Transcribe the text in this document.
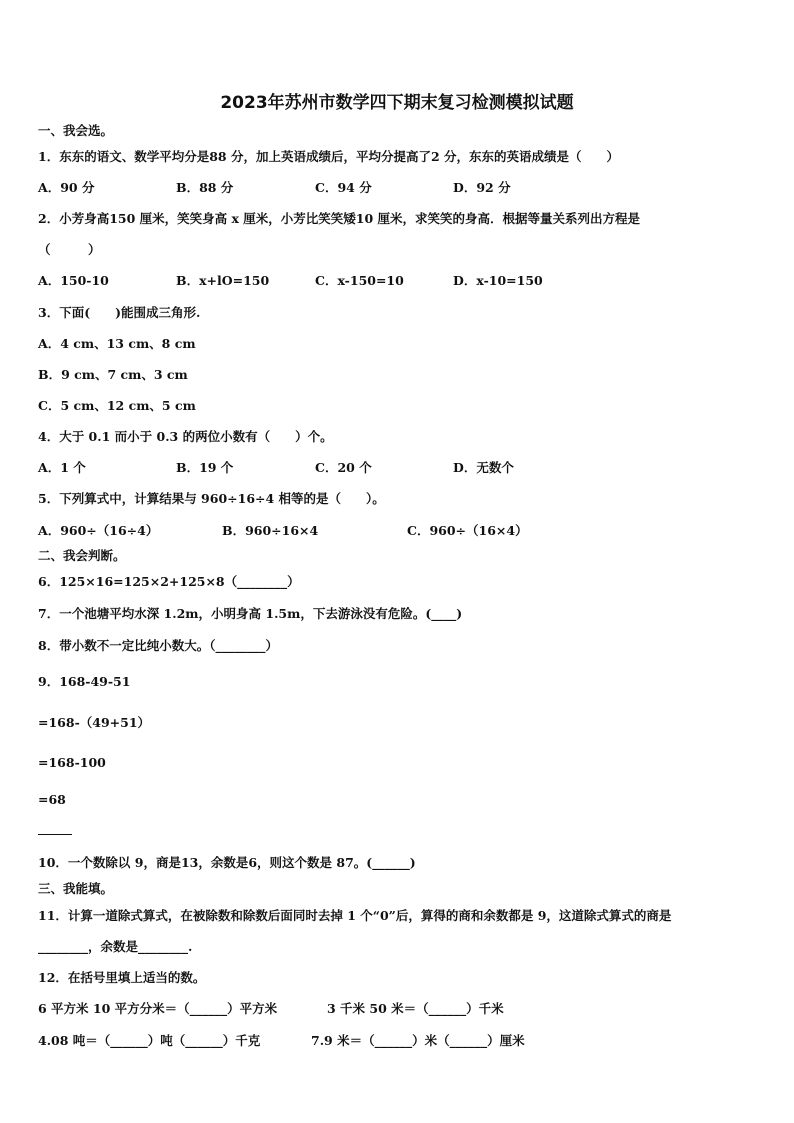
2023年苏州市数学四下期末复习检测模拟试题
一、我会选。
1．东东的语文、数学平均分是88 分，加上英语成绩后，平均分提高了2 分，东东的英语成绩是（　　）
A．90 分	B．88 分	C．94 分	D．92 分
2．小芳身高150 厘米，笑笑身高 x 厘米，小芳比笑笑矮10 厘米，求笑笑的身高．根据等量关系列出方程是
（　　　）
A．150-10	B．x+lO=150	C．x-150=10	D．x-10=150
3．下面(　　)能围成三角形.
A．4 cm、13 cm、8 cm
B．9 cm、7 cm、3 cm
C．5 cm、12 cm、5 cm
4．大于 0.1 而小于 0.3 的两位小数有（　　）个。
A．1 个	B．19 个	C．20 个	D．无数个
5．下列算式中，计算结果与 960÷16÷4 相等的是（　　）。
A．960÷（16÷4）	B．960÷16×4	C．960÷（16×4）
二、我会判断。
6．125×16=125×2+125×8（________）
7．一个池塘平均水深 1.2m，小明身高 1.5m，下去游泳没有危险。(____)
8．带小数不一定比纯小数大。（________）
9．168-49-51
=168-（49+51）
=168-100
=68
10．一个数除以 9，商是13，余数是6，则这个数是 87。(______)
三、我能填。
11．计算一道除式算式，在被除数和除数后面同时去掉 1 个“0”后，算得的商和余数都是 9，这道除式算式的商是
________，余数是________.
12．在括号里填上适当的数。
6 平方米 10 平方分米＝（______）平方米	3 千米 50 米＝（______）千米
4.08 吨＝（______）吨（______）千克	7.9 米＝（______）米（______）厘米
